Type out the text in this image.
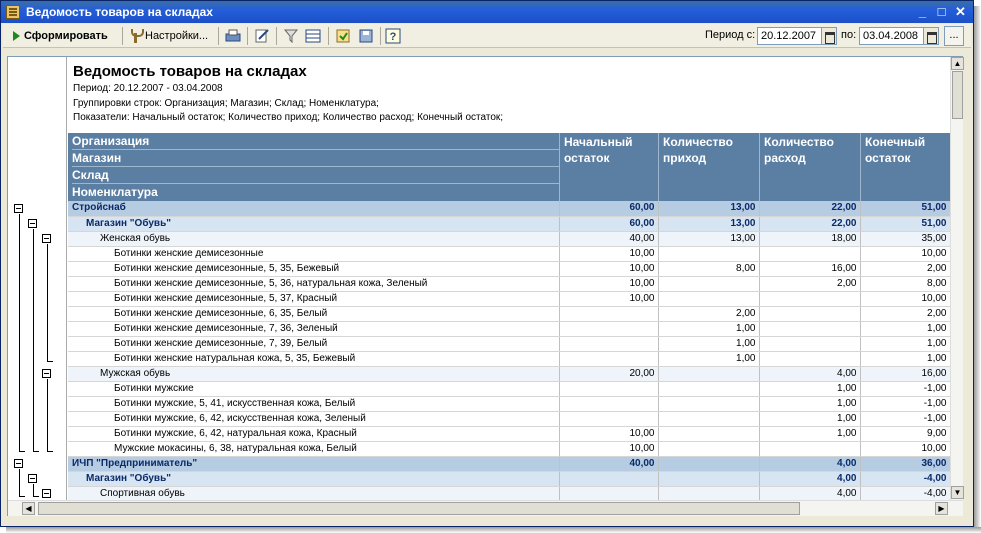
Ведомость товаров на складах	_ □ ✕
Сформировать	Настройки...	?	Период с:
20.12.2007	по:
03.04.2008	...
Ведомость товаров на складах
Период: 20.12.2007 - 03.04.2008
Группировки строк: Организация; Магазин; Склад; Номенклатура;
Показатели: Начальный остаток; Количество приход; Количество расход; Конечный остаток;
Организация
Магазин
Склад
Номенклатура
Начальный остаток
Количество приход
Количество расход
Конечный остаток
Стройснаб	60,00	13,00	22,00	51,00
Магазин "Обувь"	60,00	13,00	22,00	51,00
Женская обувь	40,00	13,00	18,00	35,00
Ботинки женские демисезонные	10,00			10,00
Ботинки женские демисезонные, 5, 35, Бежевый	10,00	8,00	16,00	2,00
Ботинки женские демисезонные, 5, 36, натуральная кожа, Зеленый	10,00		2,00	8,00
Ботинки женские демисезонные, 5, 37, Красный	10,00			10,00
Ботинки женские демисезонные, 6, 35, Белый		2,00		2,00
Ботинки женские демисезонные, 7, 36, Зеленый		1,00		1,00
Ботинки женские демисезонные, 7, 39, Белый		1,00		1,00
Ботинки женские натуральная кожа, 5, 35, Бежевый		1,00		1,00
Мужская обувь	20,00		4,00	16,00
Ботинки мужские			1,00	-1,00
Ботинки мужские, 5, 41, искусственная кожа, Белый			1,00	-1,00
Ботинки мужские, 6, 42, искусственная кожа, Зеленый			1,00	-1,00
Ботинки мужские, 6, 42, натуральная кожа, Красный	10,00		1,00	9,00
Мужские мокасины, 6, 38, натуральная кожа, Белый	10,00			10,00
ИЧП "Предприниматель"	40,00		4,00	36,00
Магазин "Обувь"			4,00	-4,00
Спортивная обувь			4,00	-4,00
▲
▼
◀	▶
